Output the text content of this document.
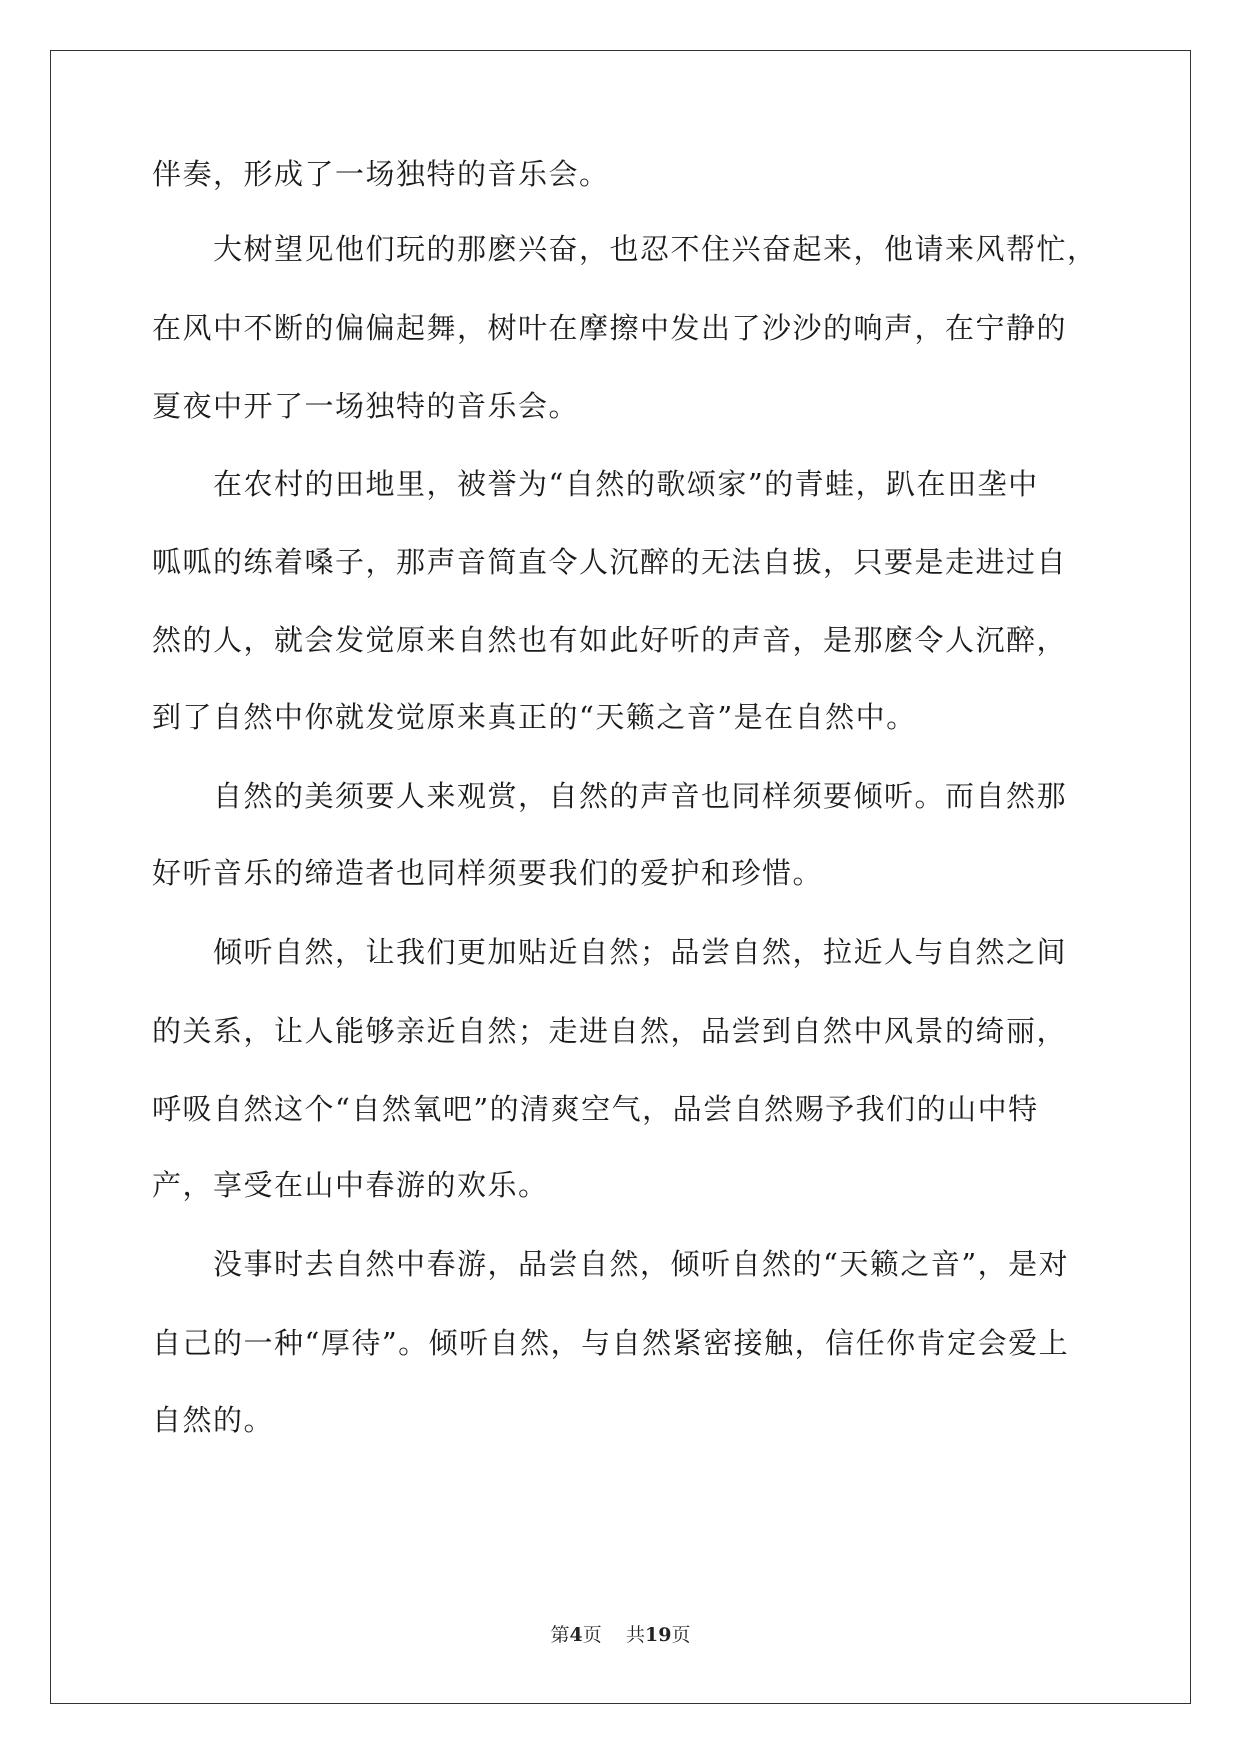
伴奏，形成了一场独特的音乐会。
大树望见他们玩的那麽兴奋，也忍不住兴奋起来，他请来风帮忙，
在风中不断的偏偏起舞，树叶在摩擦中发出了沙沙的响声，在宁静的
夏夜中开了一场独特的音乐会。
在农村的田地里，被誉为“自然的歌颂家”的青蛙，趴在田垄中
呱呱的练着嗓子，那声音简直令人沉醉的无法自拔，只要是走进过自
然的人，就会发觉原来自然也有如此好听的声音，是那麽令人沉醉，
到了自然中你就发觉原来真正的“天籁之音”是在自然中。
自然的美须要人来观赏，自然的声音也同样须要倾听。而自然那
好听音乐的缔造者也同样须要我们的爱护和珍惜。
倾听自然，让我们更加贴近自然；品尝自然，拉近人与自然之间
的关系，让人能够亲近自然；走进自然，品尝到自然中风景的绮丽，
呼吸自然这个“自然氧吧”的清爽空气，品尝自然赐予我们的山中特
产，享受在山中春游的欢乐。
没事时去自然中春游，品尝自然，倾听自然的“天籁之音”，是对
自己的一种“厚待”。倾听自然，与自然紧密接触，信任你肯定会爱上
自然的。
第4页 共19页
